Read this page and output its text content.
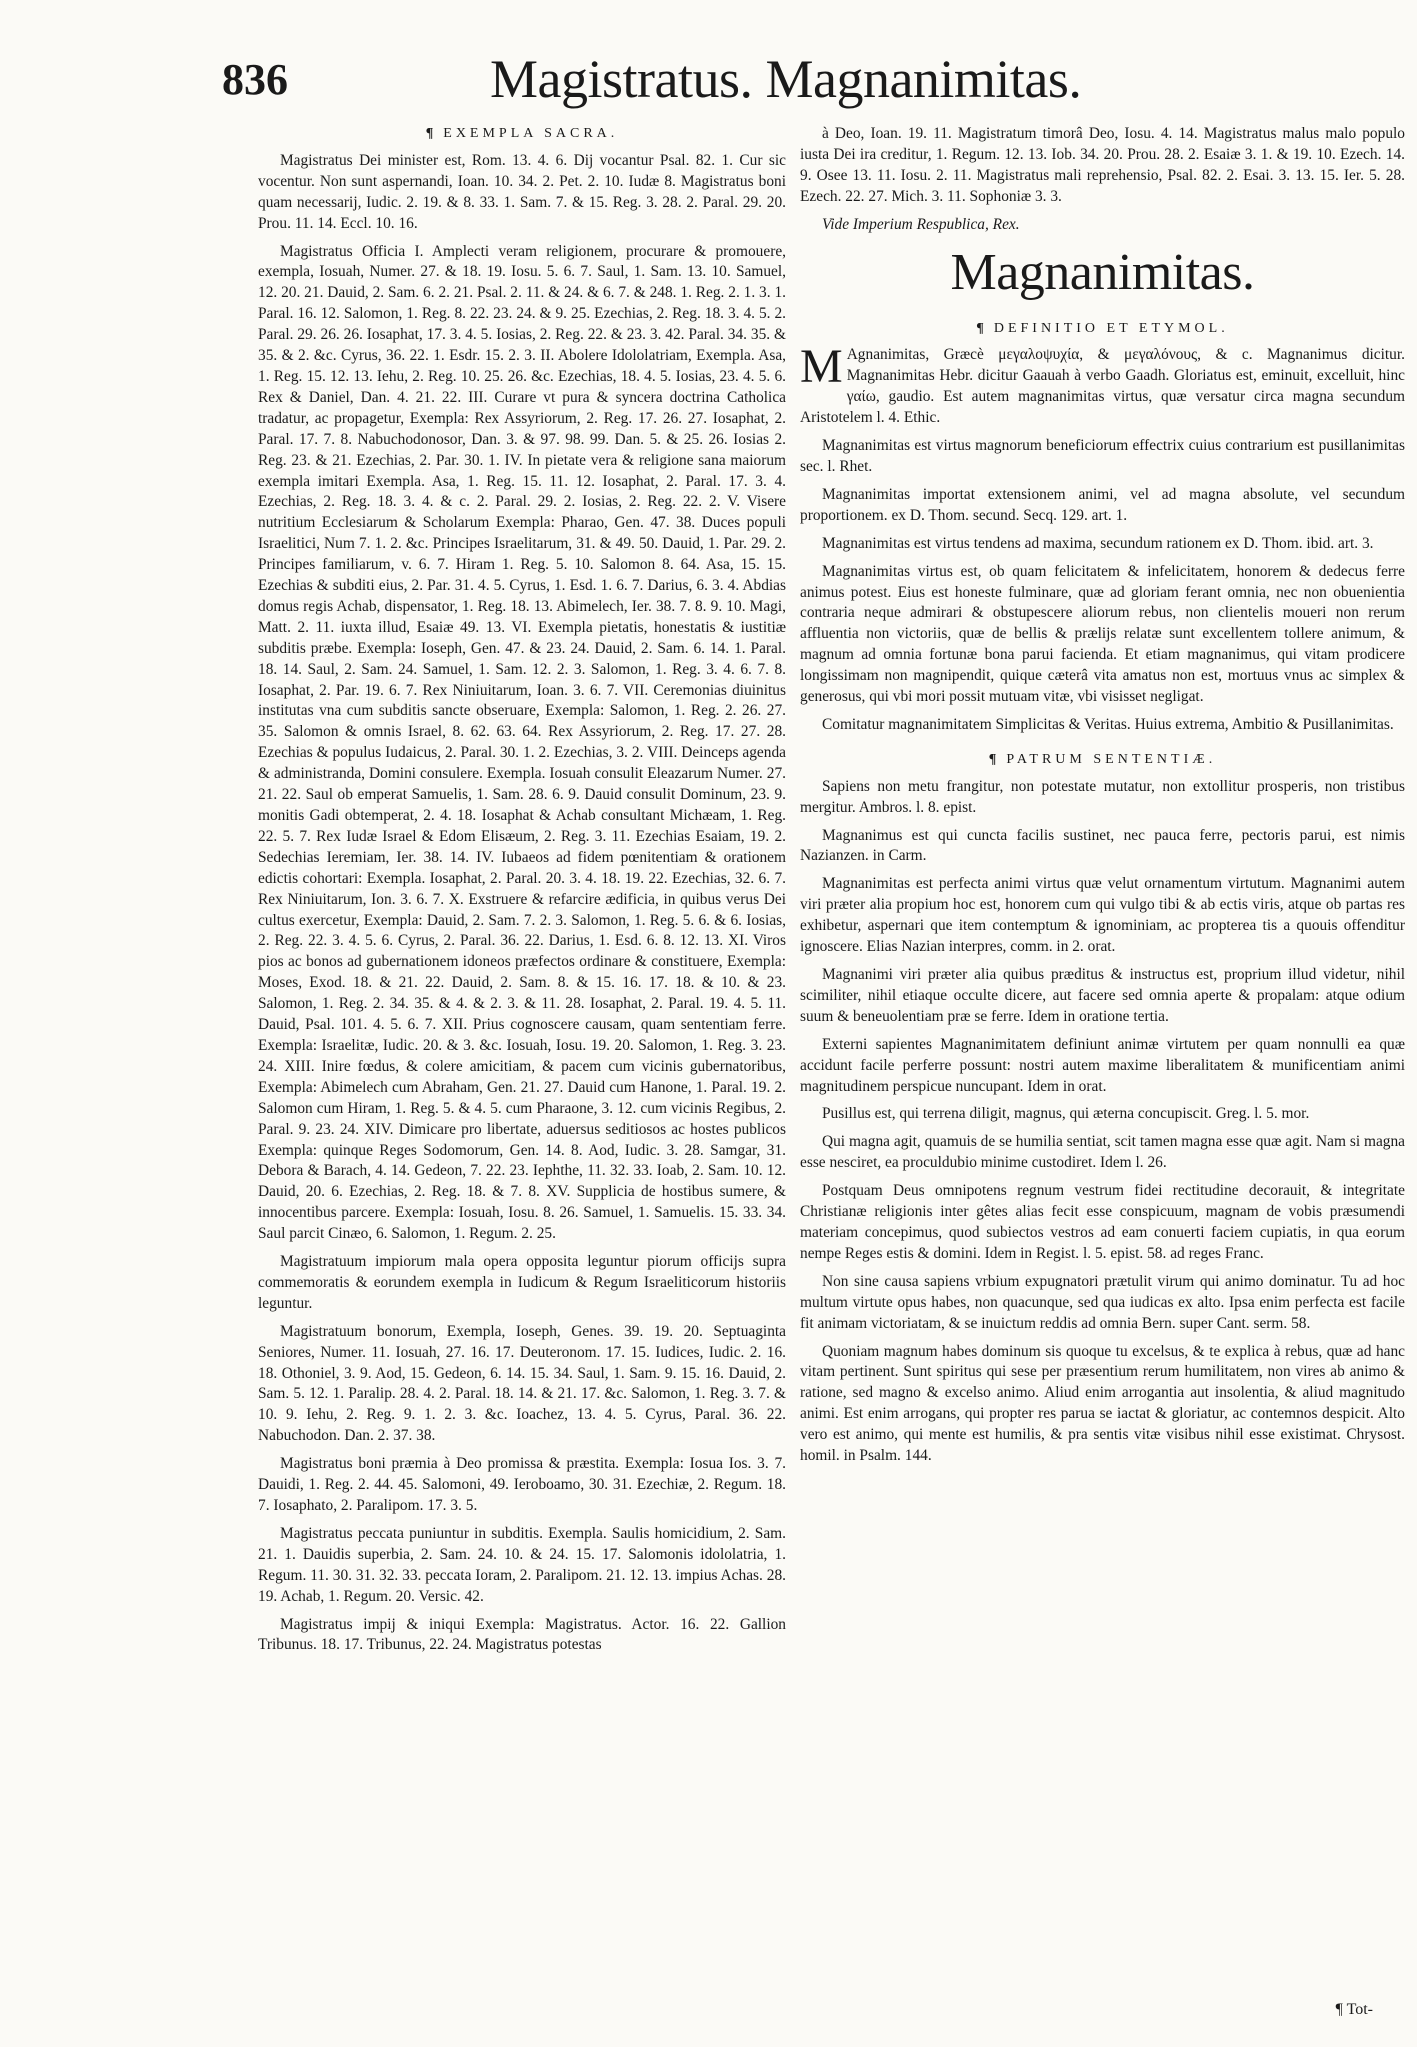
836	Magistratus. Magnanimitas.
¶ EXEMPLA SACRA.

Magistratus Dei minister est, Rom. 13. 4. 6. Dij vocantur Psal. 82. 1. Cur sic vocentur. Non sunt aspernandi, Ioan. 10. 34. 2. Pet. 2. 10. Iudæ 8. Magistratus boni quam necessarij, Iudic. 2. 19. & 8. 33. 1. Sam. 7. & 15. Reg. 3. 28. 2. Paral. 29. 20. Prou. 11. 14. Eccl. 10. 16.

Magistratus Officia I. Amplecti veram religionem, procurare & promouere, exempla, Iosuah, Numer. 27. & 18. 19. Iosu. 5. 6. 7. Saul, 1. Sam. 13. 10. Samuel, 12. 20. 21. Dauid, 2. Sam. 6. 2. 21. Psal. 2. 11. & 24. & 6. 7. & 248. 1. Reg. 2. 1. 3. 1. Paral. 16. 12. Salomon, 1. Reg. 8. 22. 23. 24. & 9. 25. Ezechias, 2. Reg. 18. 3. 4. 5. 2. Paral. 29. 26. 26. Iosaphat, 17. 3. 4. 5. Iosias, 2. Reg. 22. & 23. 3. 42. Paral. 34. 35. & 35. & 2. &c. Cyrus, 36. 22. 1. Esdr. 15. 2. 3. II. Abolere Idololatriam, Exempla. Asa, 1. Reg. 15. 12. 13. Iehu, 2. Reg. 10. 25. 26. &c. Ezechias, 18. 4. 5. Iosias, 23. 4. 5. 6. Rex & Daniel, Dan. 4. 21. 22. III. Curare vt pura & syncera doctrina Catholica tradatur, ac propagetur, Exempla: Rex Assyriorum, 2. Reg. 17. 26. 27. Iosaphat, 2. Paral. 17. 7. 8. Nabuchodonosor, Dan. 3. & 97. 98. 99. Dan. 5. & 25. 26. Iosias 2. Reg. 23. & 21. Ezechias, 2. Par. 30. 1. IV. In pietate vera & religione sana maiorum exempla imitari Exempla. Asa, 1. Reg. 15. 11. 12. Iosaphat, 2. Paral. 17. 3. 4. Ezechias, 2. Reg. 18. 3. 4. & c. 2. Paral. 29. 2. Iosias, 2. Reg. 22. 2. V. Visere nutritium Ecclesiarum & Scholarum Exempla: Pharao, Gen. 47. 38. Duces populi Israelitici, Num 7. 1. 2. &c. Principes Israelitarum, 31. & 49. 50. Dauid, 1. Par. 29. 2. Principes familiarum, v. 6. 7. Hiram 1. Reg. 5. 10. Salomon 8. 64. Asa, 15. 15. Ezechias & subditi eius, 2. Par. 31. 4. 5. Cyrus, 1. Esd. 1. 6. 7. Darius, 6. 3. 4. Abdias domus regis Achab, dispensator, 1. Reg. 18. 13. Abimelech, Ier. 38. 7. 8. 9. 10. Magi, Matt. 2. 11. iuxta illud, Esaiæ 49. 13. VI. Exempla pietatis, honestatis & iustitiæ subditis præbe. Exempla: Ioseph, Gen. 47. & 23. 24. Dauid, 2. Sam. 6. 14. 1. Paral. 18. 14. Saul, 2. Sam. 24. Samuel, 1. Sam. 12. 2. 3. Salomon, 1. Reg. 3. 4. 6. 7. 8. Iosaphat, 2. Par. 19. 6. 7. Rex Niniuitarum, Ioan. 3. 6. 7. VII. Ceremonias diuinitus institutas vna cum subditis sancte obseruare, Exempla: Salomon, 1. Reg. 2. 26. 27. 35. Salomon & omnis Israel, 8. 62. 63. 64. Rex Assyriorum, 2. Reg. 17. 27. 28. Ezechias & populus Iudaicus, 2. Paral. 30. 1. 2. Ezechias, 3. 2. VIII. Deinceps agenda & administranda, Domini consulere. Exempla. Iosuah consulit Eleazarum Numer. 27. 21. 22. Saul ob emperat Samuelis, 1. Sam. 28. 6. 9. Dauid consulit Dominum, 23. 9. monitis Gadi obtemperat, 2. 4. 18. Iosaphat & Achab consultant Michæam, 1. Reg. 22. 5. 7. Rex Iudæ Israel & Edom Elisæum, 2. Reg. 3. 11. Ezechias Esaiam, 19. 2. Sedechias Ieremiam, Ier. 38. 14. IV. Iubaeos ad fidem pœnitentiam & orationem edictis cohortari: Exempla. Iosaphat, 2. Paral. 20. 3. 4. 18. 19. 22. Ezechias, 32. 6. 7. Rex Niniuitarum, Ion. 3. 6. 7. X. Exstruere & refarcire ædificia, in quibus verus Dei cultus exercetur, Exempla: Dauid, 2. Sam. 7. 2. 3. Salomon, 1. Reg. 5. 6. & 6. Iosias, 2. Reg. 22. 3. 4. 5. 6. Cyrus, 2. Paral. 36. 22. Darius, 1. Esd. 6. 8. 12. 13. XI. Viros pios ac bonos ad gubernationem idoneos præfectos ordinare & constituere, Exempla: Moses, Exod. 18. & 21. 22. Dauid, 2. Sam. 8. & 15. 16. 17. 18. & 10. & 23. Salomon, 1. Reg. 2. 34. 35. & 4. & 2. 3. & 11. 28. Iosaphat, 2. Paral. 19. 4. 5. 11. Dauid, Psal. 101. 4. 5. 6. 7. XII. Prius cognoscere causam, quam sententiam ferre. Exempla: Israelitæ, Iudic. 20. & 3. &c. Iosuah, Iosu. 19. 20. Salomon, 1. Reg. 3. 23. 24. XIII. Inire fœdus, & colere amicitiam, & pacem cum vicinis gubernatoribus, Exempla: Abimelech cum Abraham, Gen. 21. 27. Dauid cum Hanone, 1. Paral. 19. 2. Salomon cum Hiram, 1. Reg. 5. & 4. 5. cum Pharaone, 3. 12. cum vicinis Regibus, 2. Paral. 9. 23. 24. XIV. Dimicare pro libertate, aduersus seditiosos ac hostes publicos Exempla: quinque Reges Sodomorum, Gen. 14. 8. Aod, Iudic. 3. 28. Samgar, 31. Debora & Barach, 4. 14. Gedeon, 7. 22. 23. Iephthe, 11. 32. 33. Ioab, 2. Sam. 10. 12. Dauid, 20. 6. Ezechias, 2. Reg. 18. & 7. 8. XV. Supplicia de hostibus sumere, & innocentibus parcere. Exempla: Iosuah, Iosu. 8. 26. Samuel, 1. Samuelis. 15. 33. 34. Saul parcit Cinæo, 6. Salomon, 1. Regum. 2. 25.

Magistratuum impiorum mala opera opposita leguntur piorum officijs supra commemoratis & eorundem exempla in Iudicum & Regum Israeliticorum historiis leguntur.

Magistratuum bonorum, Exempla, Ioseph, Genes. 39. 19. 20. Septuaginta Seniores, Numer. 11. Iosuah, 27. 16. 17. Deuteronom. 17. 15. Iudices, Iudic. 2. 16. 18. Othoniel, 3. 9. Aod, 15. Gedeon, 6. 14. 15. 34. Saul, 1. Sam. 9. 15. 16. Dauid, 2. Sam. 5. 12. 1. Paralip. 28. 4. 2. Paral. 18. 14. & 21. 17. &c. Salomon, 1. Reg. 3. 7. & 10. 9. Iehu, 2. Reg. 9. 1. 2. 3. &c. Ioachez, 13. 4. 5. Cyrus, Paral. 36. 22. Nabuchodon. Dan. 2. 37. 38.

Magistratus boni præmia à Deo promissa & præstita. Exempla: Iosua Ios. 3. 7. Dauidi, 1. Reg. 2. 44. 45. Salomoni, 49. Ieroboamo, 30. 31. Ezechiæ, 2. Regum. 18. 7. Iosaphato, 2. Paralipom. 17. 3. 5.

Magistratus peccata puniuntur in subditis. Exempla. Saulis homicidium, 2. Sam. 21. 1. Dauidis superbia, 2. Sam. 24. 10. & 24. 15. 17. Salomonis idololatria, 1. Regum. 11. 30. 31. 32. 33. peccata Ioram, 2. Paralipom. 21. 12. 13. impius Achas. 28. 19. Achab, 1. Regum. 20. Versic. 42.

Magistratus impij & iniqui Exempla: Magistratus. Actor. 16. 22. Gallion Tribunus. 18. 17. Tribunus, 22. 24. Magistratus potestas

à Deo, Ioan. 19. 11. Magistratum timorâ Deo, Iosu. 4. 14. Magistratus malus malo populo iusta Dei ira creditur, 1. Regum. 12. 13. Iob. 34. 20. Prou. 28. 2. Esaiæ 3. 1. & 19. 10. Ezech. 14. 9. Osee 13. 11. Iosu. 2. 11. Magistratus mali reprehensio, Psal. 82. 2. Esai. 3. 13. 15. Ier. 5. 28. Ezech. 22. 27. Mich. 3. 11. Sophoniæ 3. 3.

Vide Imperium Respublica, Rex.

Magnanimitas.
¶ DEFINITIO ET ETYMOL.

M Agnanimitas, Græcè μεγαλοψυχία, & μεγαλόνους, & c. Magnanimus dicitur. Magnanimitas Hebr. dicitur Gaauah à verbo Gaadh. Gloriatus est, eminuit, excelluit, hinc γαίω, gaudio. Est autem magnanimitas virtus, quæ versatur circa magna secundum Aristotelem l. 4. Ethic.

Magnanimitas est virtus magnorum beneficiorum effectrix cuius contrarium est pusillanimitas sec. l. Rhet.

Magnanimitas importat extensionem animi, vel ad magna absolute, vel secundum proportionem. ex D. Thom. secund. Secq. 129. art. 1.

Magnanimitas est virtus tendens ad maxima, secundum rationem ex D. Thom. ibid. art. 3.

Magnanimitas virtus est, ob quam felicitatem & infelicitatem, honorem & dedecus ferre animus potest. Eius est honeste fulminare, quæ ad gloriam ferant omnia, nec non obuenientia contraria neque admirari & obstupescere aliorum rebus, non clientelis moueri non rerum affluentia non victoriis, quæ de bellis & prælijs relatæ sunt excellentem tollere animum, & magnum ad omnia fortunæ bona parui facienda. Et etiam magnanimus, qui vitam prodicere longissimam non magnipendit, quique cæterâ vita amatus non est, mortuus vnus ac simplex & generosus, qui vbi mori possit mutuam vitæ, vbi visisset negligat.

Comitatur magnanimitatem Simplicitas & Veritas. Huius extrema, Ambitio & Pusillanimitas.

¶ PATRUM SENTENTIÆ.

Sapiens non metu frangitur, non potestate mutatur, non extollitur prosperis, non tristibus mergitur. Ambros. l. 8. epist.

Magnanimus est qui cuncta facilis sustinet, nec pauca ferre, pectoris parui, est nimis Nazianzen. in Carm.

Magnanimitas est perfecta animi virtus quæ velut ornamentum virtutum. Magnanimi autem viri præter alia propium hoc est, honorem cum qui vulgo tibi & ab ectis viris, atque ob partas res exhibetur, aspernari que item contemptum & ignominiam, ac propterea tis a quouis offenditur ignoscere. Elias Nazian interpres, comm. in 2. orat.

Magnanimi viri præter alia quibus præditus & instructus est, proprium illud videtur, nihil scimiliter, nihil etiaque occulte dicere, aut facere sed omnia aperte & propalam: atque odium suum & beneuolentiam præ se ferre. Idem in oratione tertia.

Externi sapientes Magnanimitatem definiunt animæ virtutem per quam nonnulli ea quæ accidunt facile perferre possunt: nostri autem maxime liberalitatem & munificentiam animi magnitudinem perspicue nuncupant. Idem in orat.

Pusillus est, qui terrena diligit, magnus, qui æterna concupiscit. Greg. l. 5. mor.

Qui magna agit, quamuis de se humilia sentiat, scit tamen magna esse quæ agit. Nam si magna esse nesciret, ea proculdubio minime custodiret. Idem l. 26.

Postquam Deus omnipotens regnum vestrum fidei rectitudine decorauit, & integritate Christianæ religionis inter gêtes alias fecit esse conspicuum, magnam de vobis præsumendi materiam concepimus, quod subiectos vestros ad eam conuerti faciem cupiatis, in qua eorum nempe Reges estis & domini. Idem in Regist. l. 5. epist. 58. ad reges Franc.

Non sine causa sapiens vrbium expugnatori prætulit virum qui animo dominatur. Tu ad hoc multum virtute opus habes, non quacunque, sed qua iudicas ex alto. Ipsa enim perfecta est facile fit animam victoriatam, & se inuictum reddis ad omnia Bern. super Cant. serm. 58.

Quoniam magnum habes dominum sis quoque tu excelsus, & te explica à rebus, quæ ad hanc vitam pertinent. Sunt spiritus qui sese per præsentium rerum humilitatem, non vires ab animo & ratione, sed magno & excelso animo. Aliud enim arrogantia aut insolentia, & aliud magnitudo animi. Est enim arrogans, qui propter res parua se iactat & gloriatur, ac contemnos despicit. Alto vero est animo, qui mente est humilis, & pra sentis vitæ visibus nihil esse existimat. Chrysost. homil. in Psalm. 144.

¶ Tot-
